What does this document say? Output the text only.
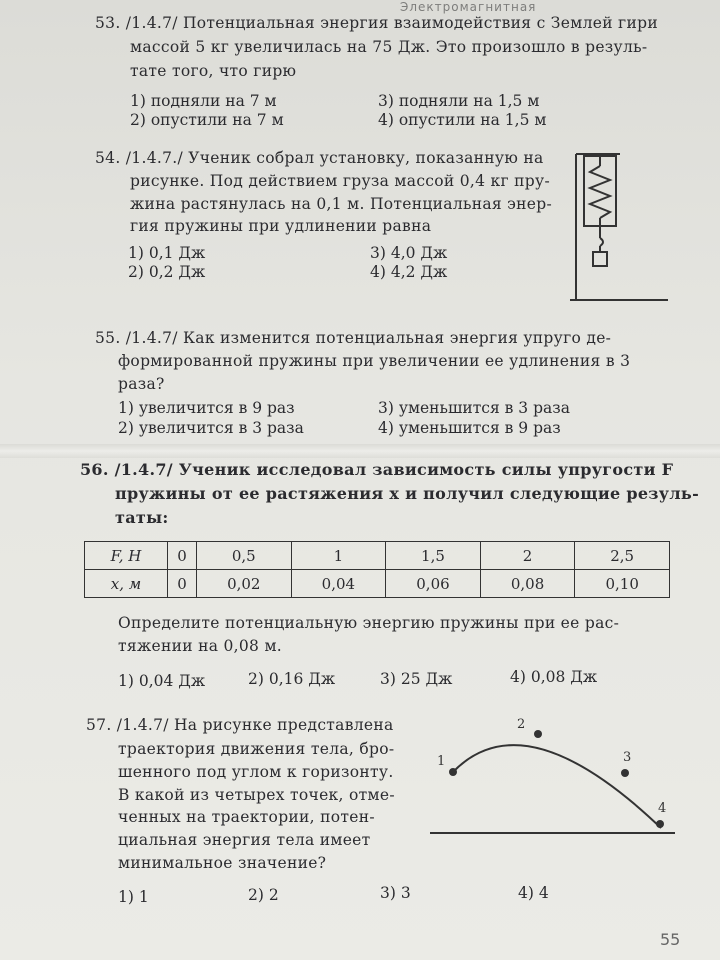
Электромагнитная
53. /1.4.7/ Потенциальная энергия взаимодействия с Землей гири
массой 5 кг увеличилась на 75 Дж. Это произошло в резуль-
тате того, что гирю
1) подняли на 7 м
2) опустили на 7 м
3) подняли на 1,5 м
4) опустили на 1,5 м
54. /1.4.7./ Ученик собрал установку, показанную на
рисунке. Под действием груза массой 0,4 кг пру-
жина растянулась на 0,1 м. Потенциальная энер-
гия пружины при удлинении равна
1) 0,1 Дж
2) 0,2 Дж
3) 4,0 Дж
4) 4,2 Дж
55. /1.4.7/ Как изменится потенциальная энергия упруго де-
формированной пружины при увеличении ее удлинения в 3
раза?
1) увеличится в 9 раз
2) увеличится в 3 раза
3) уменьшится в 3 раза
4) уменьшится в 9 раз
56. /1.4.7/ Ученик исследовал зависимость силы упругости F
пружины от ее растяжения x и получил следующие резуль-
таты:
F, H	0	0,5	1	1,5	2	2,5
x, м	0	0,02	0,04	0,06	0,08	0,10
Определите потенциальную энергию пружины при ее рас-
тяжении на 0,08 м.
1) 0,04 Дж	2) 0,16 Дж	3) 25 Дж	4) 0,08 Дж
57. /1.4.7/ На рисунке представлена
траектория движения тела, бро-
шенного под углом к горизонту.
В какой из четырех точек, отме-
ченных на траектории, потен-
циальная энергия тела имеет
минимальное значениe?
1
2
3
4
1) 1	2) 2	3) 3	4) 4
55
